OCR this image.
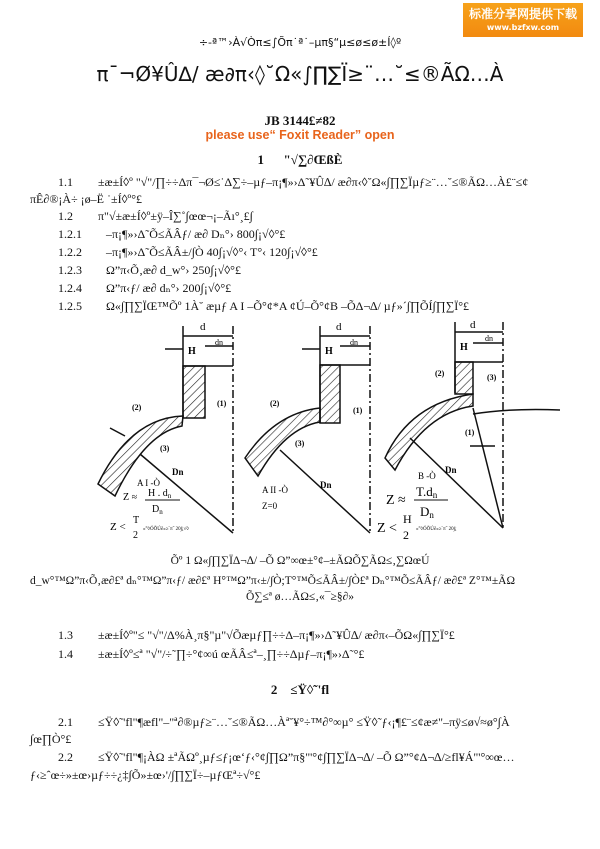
标准分享网提供下载
www.bzfxw.com
÷-ª™›À√Òπ≤∫Õπ˙ª˙–µπ§“µ≤ø≤ø±Í◊º
π¯¬Ø¥Û∆/ æ∂π‹◊˘Ω«∫∏∑Ï≥¨…˘≤®ÃΩ…À
JB 3144£≠82
please use“ Foxit Reader” open
1 "√∑∂ŒßÈ
1.1 ±æ±Í◊º "√"/∏÷÷Δπ¯¬Ø≤˙Δ∑÷–µƒ–π¡¶»›Δ˜¥Û∆/ æ∂π‹◊˘Ω«∫∏∑Ïµƒ≥¨…˘≤®ÃΩ…À£¨≤¢
πÊ∂®¡À÷ ¡ø–Ë ˙±Í◊º°£
1.2 π"√±æ±Í◊º±ÿ–Î∑˚∫œœ¬¡–Ãı°¸£∫
1.2.1 –π¡¶»›Δ˜Õ≤ÃÂƒ/ æ∂ Dₙ°› 800∫¡√◊°£
1.2.2 –π¡¶»›Δ˜Õ≤ÃÂ±/∫Ò 40∫¡√◊°‹ T°‹ 120∫¡√◊°£
1.2.3 Ω”π‹Õ‚æ∂ d_w°› 250∫¡√◊°£
1.2.4 Ω”π‹ƒ/ æ∂ dₙ°› 200∫¡√◊°£
1.2.5 Ω«∫∏∑ÏŒ™Õº 1À˘ æµƒ A I –Õ°¢*A ¢Ú–Õ°¢B –ÕΔ¬∆/ µƒ»´∫∏ÕÍ∫∏∑Ï°£
d
dn
H
(2)	(1)
(3)
Dn
A I -Ò
Z ≈ H . $d_n$
$D_n$
Z <
T
2
«°◊ÓÕÚ∂»≥¨π˝ 20∫¡√◊
d
dn
H
(2)
(1)
(3)
Dn
A II -Ò
Z=0
d
dn
H
(2)	(3)
(1)
Dn
B -Ò
Z ≈
T.dn
Dn
Z <
H
2 «°◊ÓÕÚ∂»≥¨π˝ 20∫¡
Õº 1 Ω«∫∏∑ÏΔ¬∆/ –Õ Ω”∞œ±°¢–±ÃΩÕ∑ÃΩ≤‚∑ΩœÚ
d_w°™Ω”π‹Õ‚æ∂£ª dₙ°™Ω”π‹ƒ/ æ∂£ª H°™Ω”π‹±/∫Ò;T°™Õ≤ÃÂ±/∫Ò£ª Dₙ°™Õ≤ÃÂƒ/ æ∂£ª Z°™±ÃΩ
Õ∑≤ª ø…ÃΩ≤‚«¯≥§∂»
1.3 ±æ±Í◊º"≤ "√"/Δ%À¸π§"µ"√Õæµƒ∏÷÷Δ–π¡¶»›Δ˜¥Û∆/ æ∂π‹–ÕΩ«∫∏∑Ï°£
1.4 ±æ±Í◊º≤ª "√"/÷˜∏÷°¢∞ú œÃÂ≤ª–¸∏÷÷Δµƒ–π¡¶»›Δ˜°£
2 ≤Ÿ◊˜'fl
2.1 ≤Ÿ◊˜'fl"¶æfl"–"ª∂®µƒ≥¨…˘≤®ÃΩ…Àª˘¥°÷™∂°∞µ° ≤Ÿ◊˜ƒ‹¡¶£¨≤¢æ≠"–πÿ≤ø√≈ø°∫À
∫œ∏Ò°£
2.2 ≤Ÿ◊˜'fl"¶¡ÀΩ ±ªÃΩº¸µƒ≤ƒ¡œ‘ƒ‹°¢∫∏Ω”π§"'°¢∫∏∑ÏΔ¬∆/ –Õ Ω”°¢Δ¬∆/≥fl¥Á"'°∞œ…
ƒ‹≥ˆœ÷»±œ›µƒ÷÷¿‡∫Õ»±œ›'/∫∏∑Ï÷–µƒŒª÷√°£
